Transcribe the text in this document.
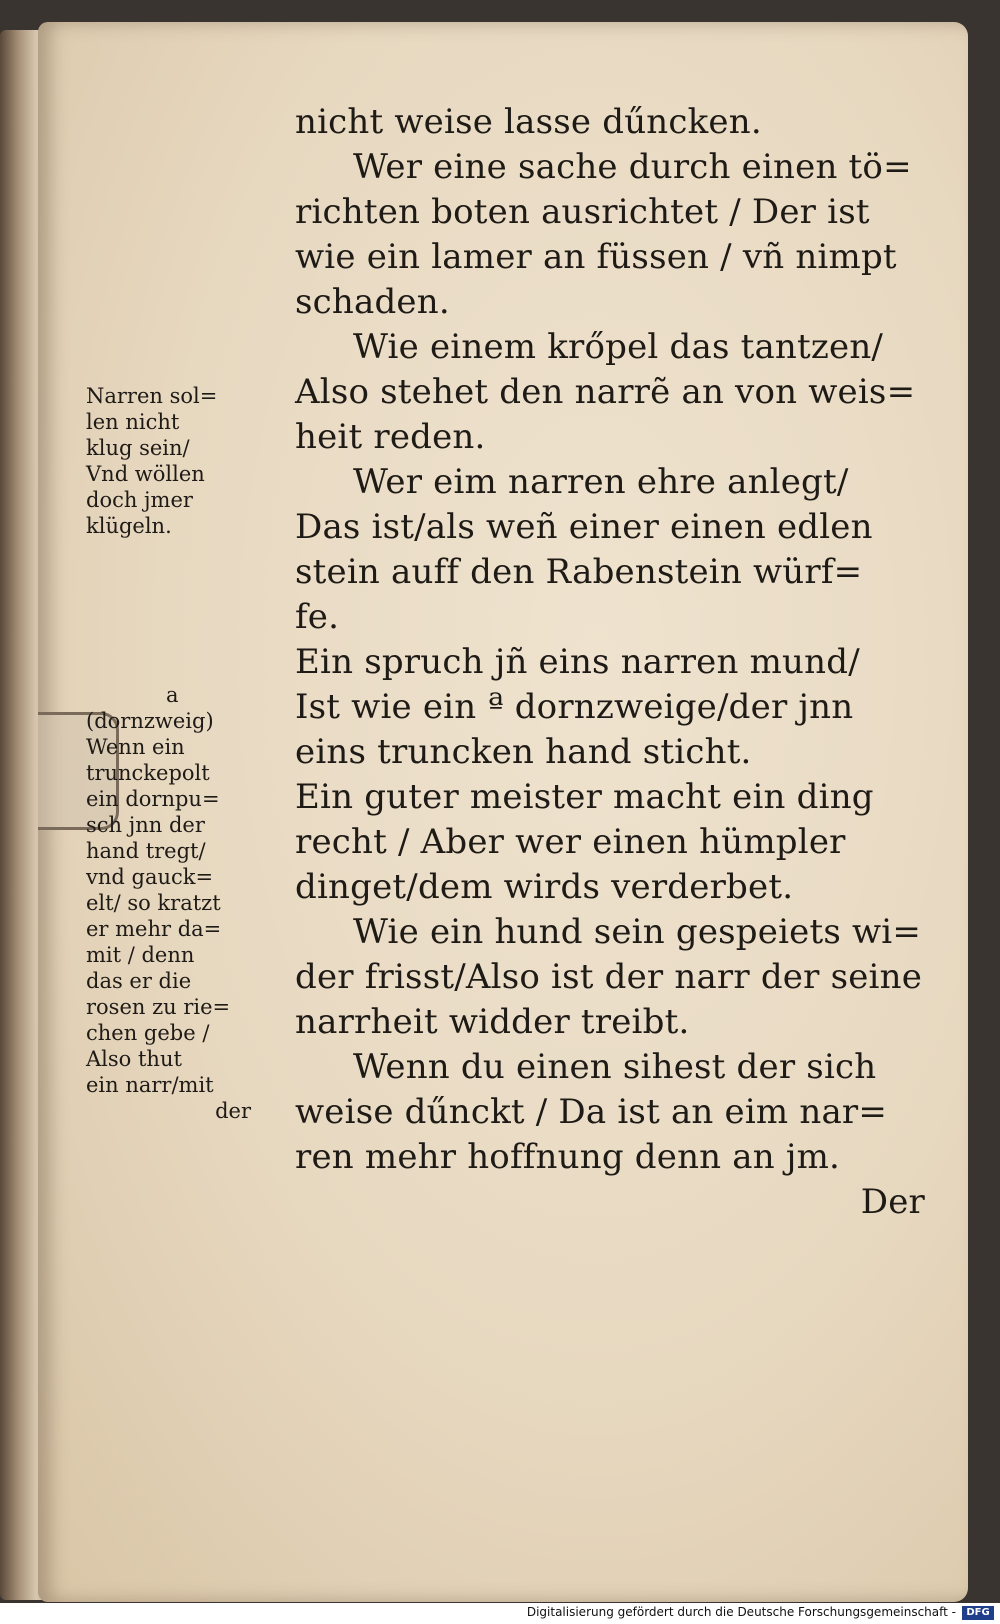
Narren sol=
len nicht
klug sein/
Vnd wöllen
doch jmer
klügeln.
a
(dornzweig)
Wenn ein
trunckepolt
ein dornpu=
sch jnn der
hand tregt/
vnd gauck=
elt/ so kratzt
er mehr da=
mit / denn
das er die
rosen zu rie=
chen gebe /
Also thut
ein narr/mit
der
nicht weise lasse dűncken.
Wer eine sache durch einen tö=
richten boten ausrichtet / Der ist
wie ein lamer an füssen / vñ nimpt
schaden.
Wie einem krőpel das tantzen/
Also stehet den narrẽ an von weis=
heit reden.
Wer eim narren ehre anlegt/
Das ist/als weñ einer einen edlen
stein auff den Rabenstein würf=
fe.
Ein spruch jñ eins narren mund/
Ist wie ein ª dornzweige/der jnn
eins truncken hand sticht.
Ein guter meister macht ein ding
recht / Aber wer einen hümpler
dinget/dem wirds verderbet.
Wie ein hund sein gespeiets wi=
der frisst/Also ist der narr der seine
narrheit widder treibt.
Wenn du einen sihest der sich
weise dűnckt / Da ist an eim nar=
ren mehr hoffnung denn an jm.
Der
Digitalisierung gefördert durch die Deutsche Forschungsgemeinschaft -	DFG
